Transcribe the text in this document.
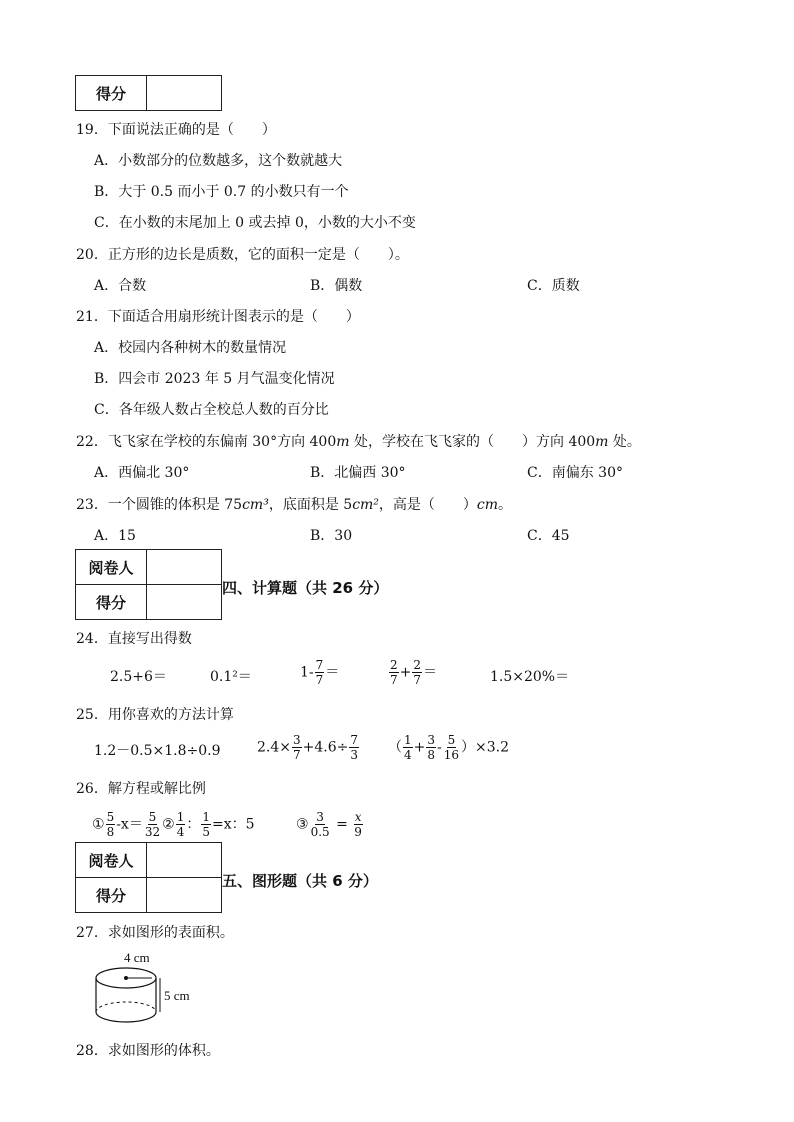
得分	
19．下面说法正确的是（　　）
A．小数部分的位数越多，这个数就越大
B．大于 0.5 而小于 0.7 的小数只有一个
C．在小数的末尾加上 0 或去掉 0，小数的大小不变
20．正方形的边长是质数，它的面积一定是（　　）。
A．合数	B．偶数	C．质数
21．下面适合用扇形统计图表示的是（　　）
A．校园内各种树木的数量情况
B．四会市 2023 年 5 月气温变化情况
C．各年级人数占全校总人数的百分比
22．飞飞家在学校的东偏南 30°方向 400m 处，学校在飞飞家的（　　）方向 400m 处。
A．西偏北 30°	B．北偏西 30°	C．南偏东 30°
23．一个圆锥的体积是 75cm³，底面积是 5cm²，高是（　　）cm。
A．15	B．30	C．45
阅卷人	
得分	
四、计算题（共 26 分）
24．直接写出得数
2.5+6＝	0.1²＝	$1- \frac{7}{7}$ ＝	$\frac{2}{7} + \frac{2}{7}$ ＝	1.5×20%＝
25．用你喜欢的方法计算
1.2－0.5×1.8÷0.9	$2.4\times \frac{3}{7} +4.6\div \frac{7}{3}$ （ $\frac{1}{4} + \frac{3}{8} - \frac{5}{16} )\times 3.2$
26．解方程或解比例
① $\frac{5}{8} -x= \frac{5}{32}$ ② $\frac{1}{4}$ ： $\frac{1}{5} =x$：5	③ $\frac{3}{0.5} = \frac{x}{9}$
阅卷人	
得分	
五、图形题（共 6 分）
27．求如图形的表面积。
4 cm
5 cm
28．求如图形的体积。
